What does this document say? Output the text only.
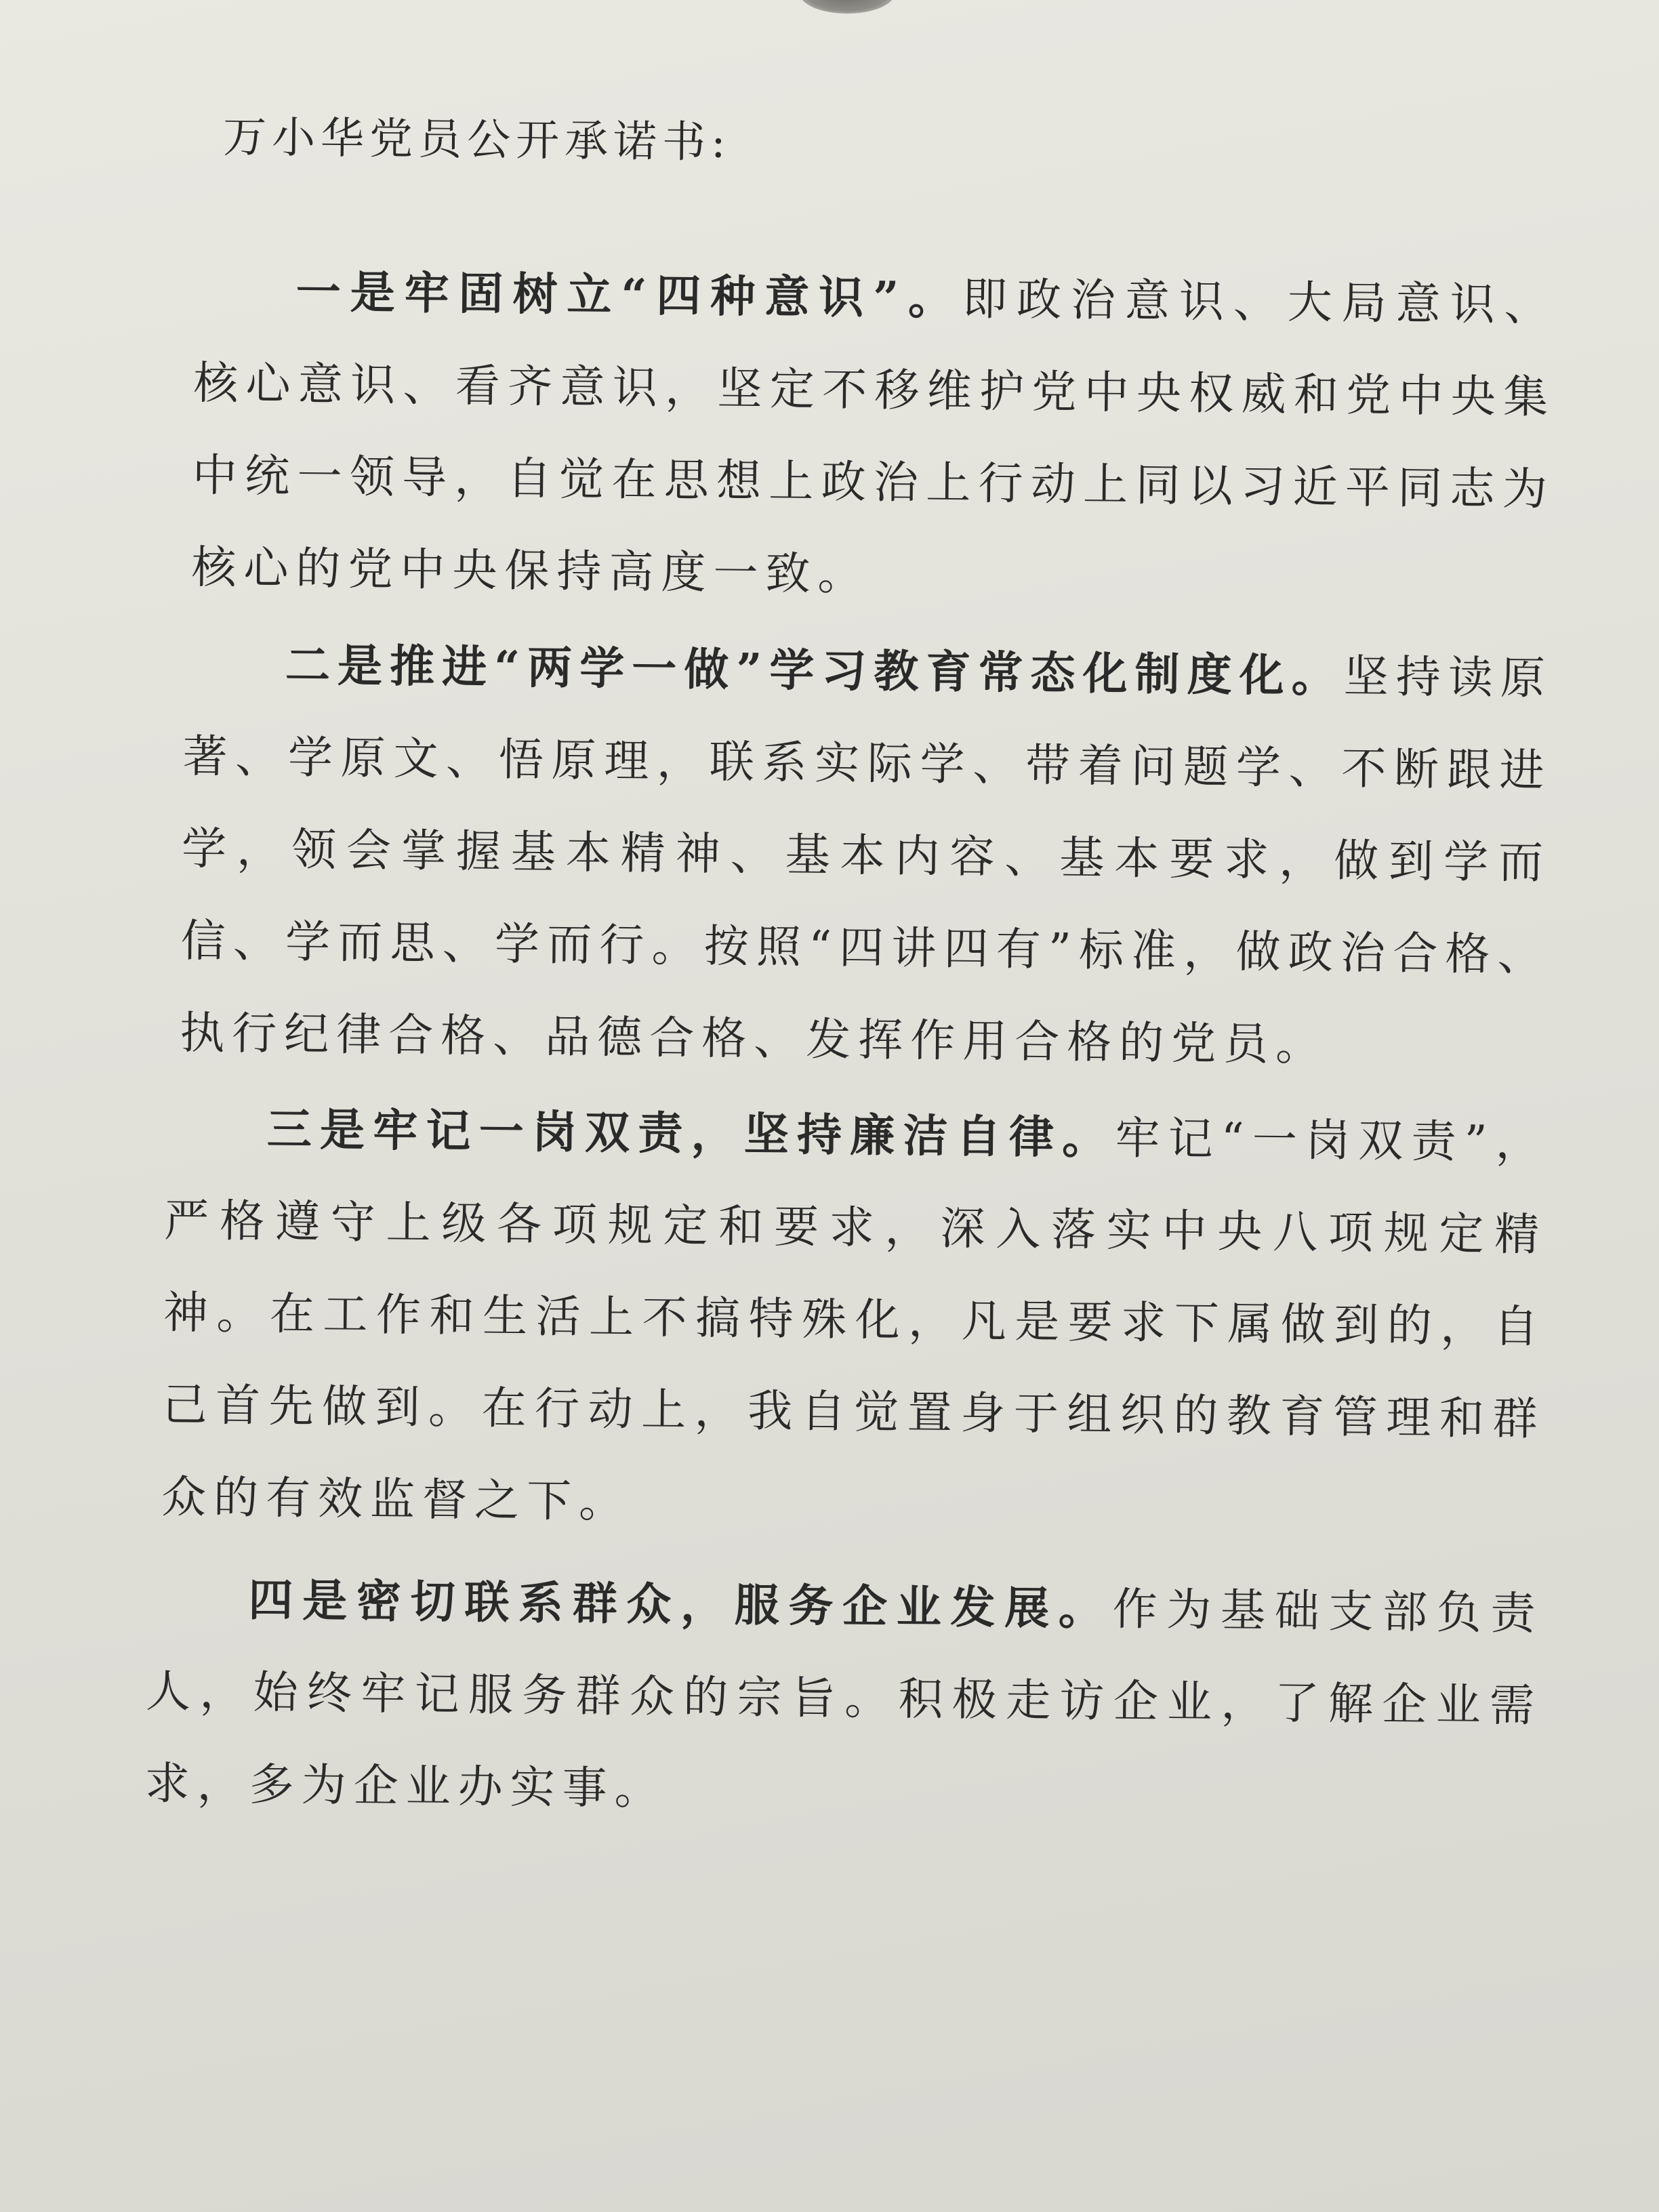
万小华党员公开承诺书:

一是牢固树立“四种意识”。即政治意识、大局意识、核心意识、看齐意识，坚定不移维护党中央权威和党中央集中统一领导，自觉在思想上政治上行动上同以习近平同志为核心的党中央保持高度一致。

二是推进“两学一做”学习教育常态化制度化。坚持读原著、学原文、悟原理，联系实际学、带着问题学、不断跟进学，领会掌握基本精神、基本内容、基本要求，做到学而信、学而思、学而行。按照“四讲四有”标准，做政治合格、执行纪律合格、品德合格、发挥作用合格的党员。

三是牢记一岗双责，坚持廉洁自律。牢记“一岗双责”，严格遵守上级各项规定和要求，深入落实中央八项规定精神。在工作和生活上不搞特殊化，凡是要求下属做到的，自己首先做到。在行动上，我自觉置身于组织的教育管理和群众的有效监督之下。

四是密切联系群众，服务企业发展。作为基础支部负责人，始终牢记服务群众的宗旨。积极走访企业，了解企业需求，多为企业办实事。
